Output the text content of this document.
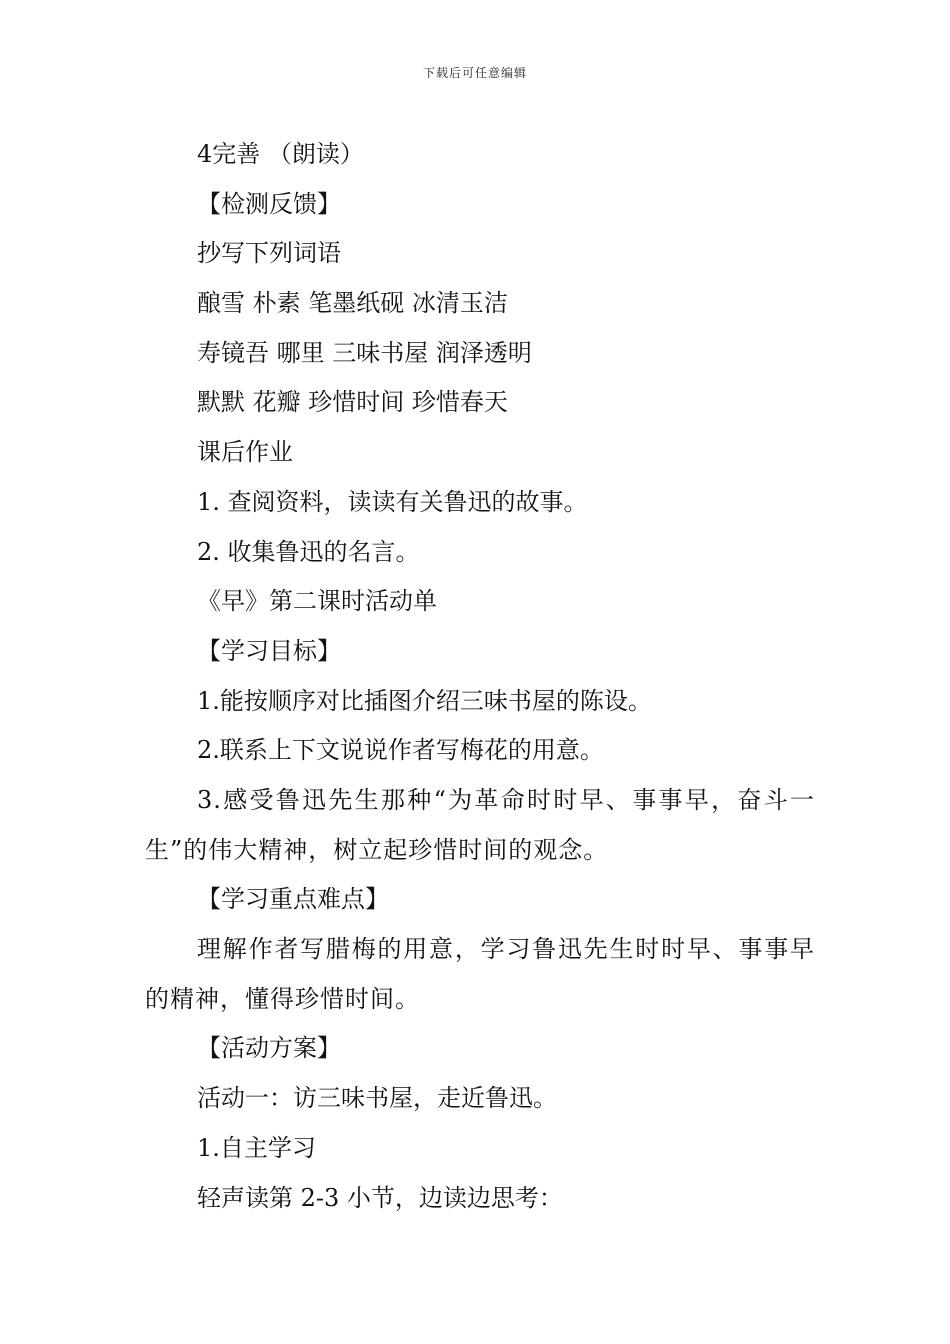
下载后可任意编辑
4完善 （朗读）
【检测反馈】
抄写下列词语
酿雪 朴素 笔墨纸砚 冰清玉洁
寿镜吾 哪里 三味书屋 润泽透明
默默 花瓣 珍惜时间 珍惜春天
课后作业
1. 查阅资料，读读有关鲁迅的故事。
2. 收集鲁迅的名言。
《早》第二课时活动单
【学习目标】
1.能按顺序对比插图介绍三味书屋的陈设。
2.联系上下文说说作者写梅花的用意。

3.感受鲁迅先生那种“为革命时时早、事事早，奋斗一生”的伟大精神，树立起珍惜时间的观念。

【学习重点难点】

理解作者写腊梅的用意，学习鲁迅先生时时早、事事早的精神，懂得珍惜时间。

【活动方案】
活动一：访三味书屋，走近鲁迅。
1.自主学习
轻声读第 2-3 小节，边读边思考：
